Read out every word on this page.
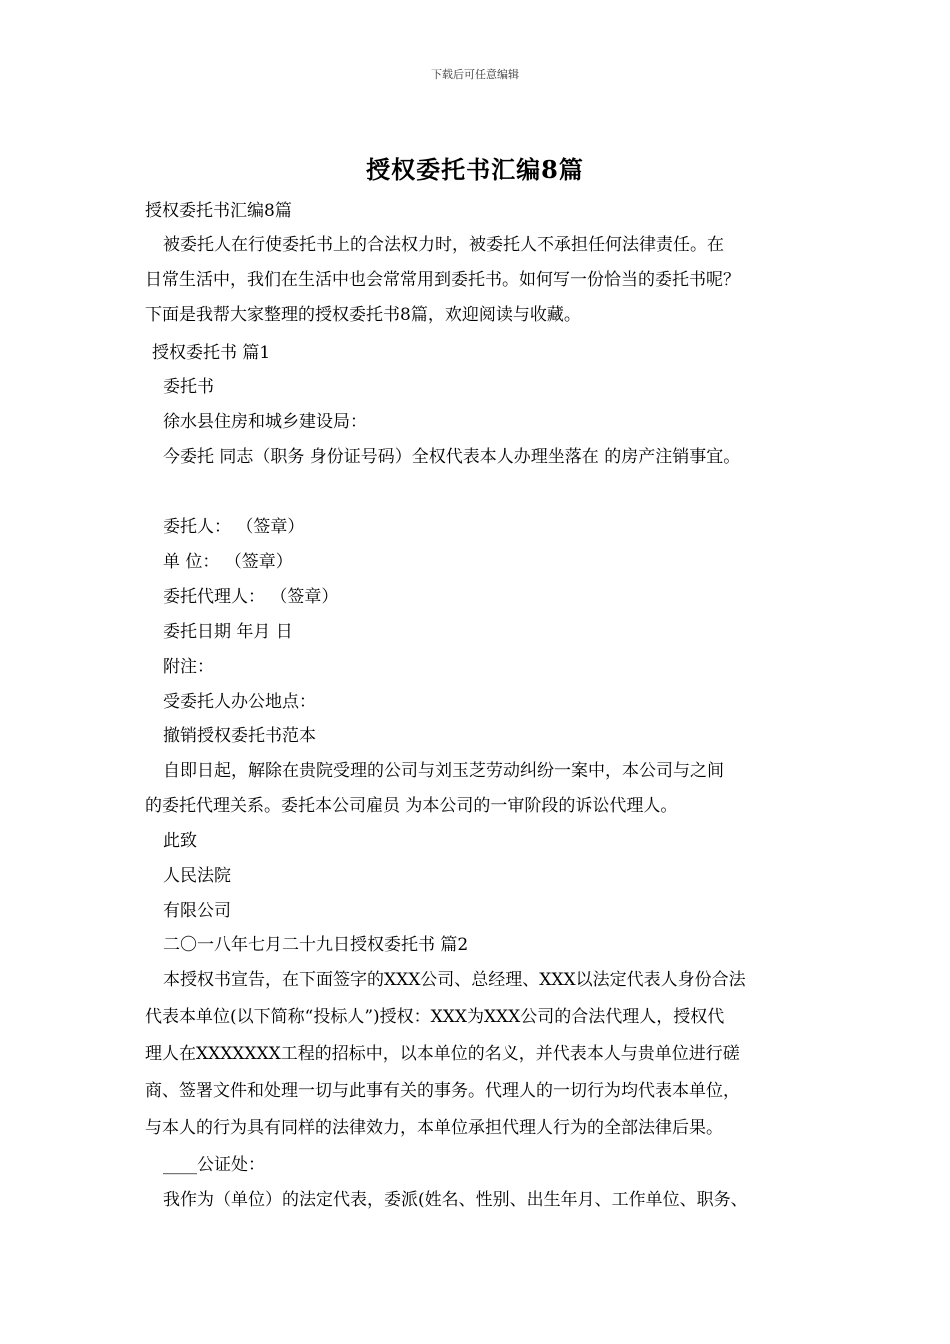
下载后可任意编辑
授权委托书汇编8篇
授权委托书汇编8篇
被委托人在行使委托书上的合法权力时，被委托人不承担任何法律责任。在
日常生活中，我们在生活中也会常常用到委托书。如何写一份恰当的委托书呢？
下面是我帮大家整理的授权委托书8篇，欢迎阅读与收藏。
授权委托书 篇1
委托书
徐水县住房和城乡建设局：
今委托 同志（职务 身份证号码）全权代表本人办理坐落在 的房产注销事宜。
委托人： （签章）
单 位： （签章）
委托代理人： （签章）
委托日期 年月 日
附注：
受委托人办公地点：
撤销授权委托书范本
自即日起，解除在贵院受理的公司与刘玉芝劳动纠纷一案中，本公司与之间
的委托代理关系。委托本公司雇员 为本公司的一审阶段的诉讼代理人。
此致
人民法院
有限公司
二〇一八年七月二十九日授权委托书 篇2
本授权书宣告，在下面签字的XXX公司、总经理、XXX以法定代表人身份合法
代表本单位(以下简称“投标人”)授权：XXX为XXX公司的合法代理人，授权代
理人在XXXXXXX工程的招标中，以本单位的名义，并代表本人与贵单位进行磋
商、签署文件和处理一切与此事有关的事务。代理人的一切行为均代表本单位，
与本人的行为具有同样的法律效力，本单位承担代理人行为的全部法律后果。
____公证处：
我作为（单位）的法定代表，委派(姓名、性别、出生年月、工作单位、职务、
